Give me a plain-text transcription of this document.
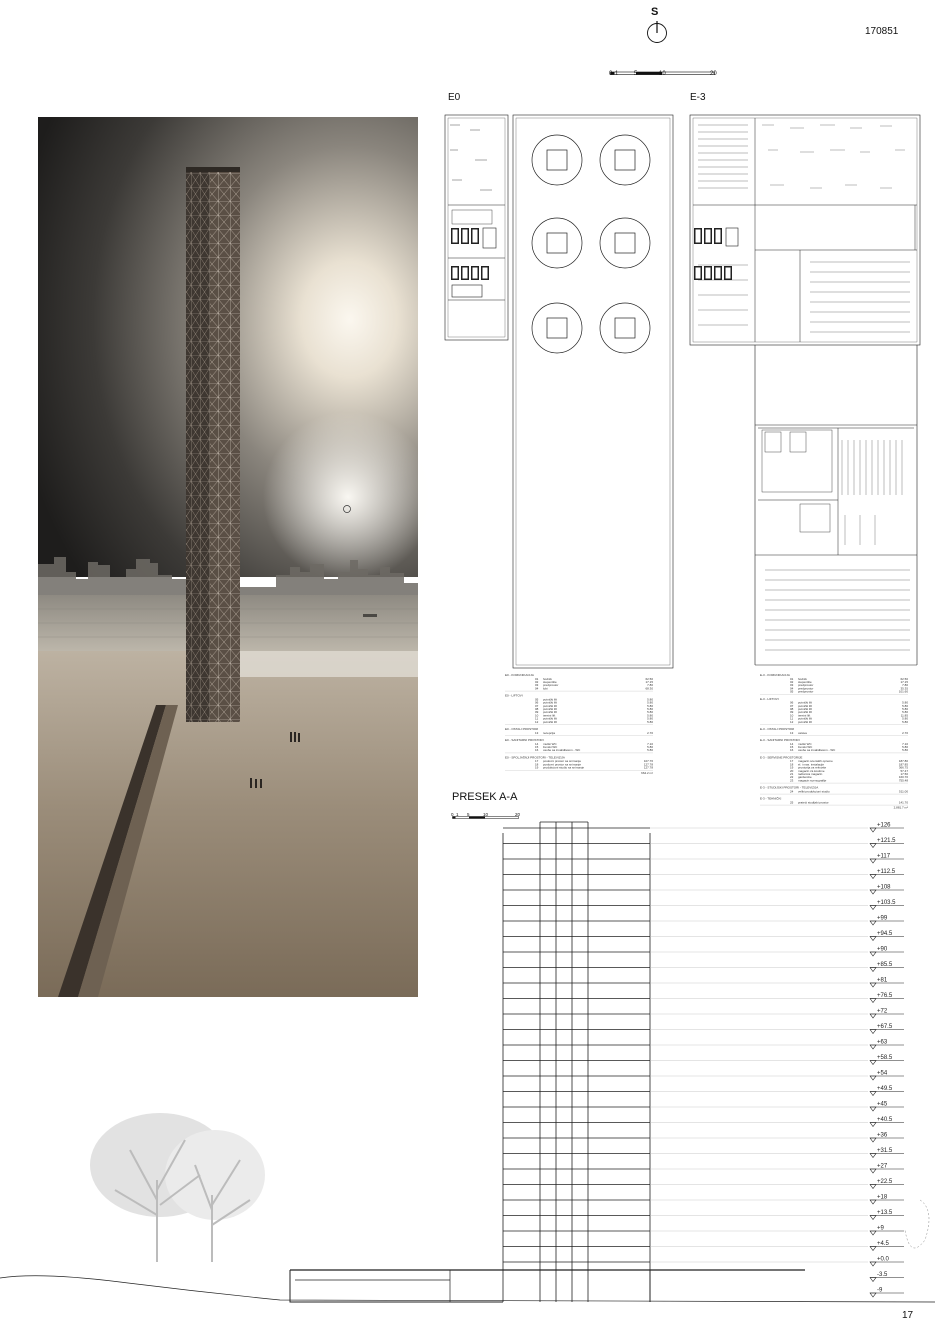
S
170851
0 1	5	10	20
E0	E-3
E0 - KOMUNIKACIJA
01 hodnik	62.50
02 stepenište	17.15
03 predprostor	7.80
04 lobi	68.30
E0 - LIFTOVI
05 putnički lift	5.80
06 putnički lift	5.80
07 putnički lift	5.80
08 putnički lift	5.80
09 putnički lift	5.80
10 teretni lift	5.80
11 putnički lift	5.80
12 putnički lift	5.80
E0 - OSTALI PROSTORI
13 recepcija	2.70
E0 - SANITARNI PROSTORI
14 muški WC	7.10
15 ženski WC	5.80
16 osobe sa invaliditetom - WC	5.80
E0 - SPOLJAŠNJI PROSTORI - TELEVIZIJA
17 poslovni prostor sa snimanje	107.76
18 poslovni prostor sa snimanje	127.78
19 produkcioni studio sa snimanje	127.78
664.2 m²
E-3 - KOMUNIKACIJA
01 hodnik	62.50
02 stepenište	17.15
03 predprostor	7.80
04 predprostor	35.35
05 predprostor	101.60
E-3 - LIFTOVI
06 putnički lift	5.80
07 putnički lift	5.80
08 putnički lift	5.80
09 putnički lift	5.80
10 teretni lift	11.85
11 putnički lift	5.80
12 putnički lift	5.80
E-3 - OSTALI PROSTORI
13 ostava	2.70
E-3 - SANITARNI PROSTORI
14 muški WC	7.10
15 ženski WC	5.80
16 osobe sa invaliditetom - WC	5.80
E-3 - SERVISNE PROSTORIJE
17 magacin scenskih opreme	187.80
18 el. i mas. instalacije	187.85
19 prostorija za rekvizite	366.75
20 magacin za kostime	57.47
21 radionica magacin	17.50
22 garderobe	160.70
23 magacin scenografije	755.48
E-3 - STUDIJSKI PROSTORI - TELEVIZIJA
24 veliki produkcioni studio	511.00
E-3 - TEHNIČKI
25 prateći studijski prostor	141.70
2,881.7 m²
PRESEK A-A
0 1 5	10	20
+126
+121.5
+117
+112.5
+108
+103.5
+99
+94.5
+90
+85.5
+81
+76.5
+72
+67.5
+63
+58.5
+54
+49.5
+45
+40.5
+36
+31.5
+27
+22.5
+18
+13.5
+9
+4.5
+0.0
-3.5
-9
17
